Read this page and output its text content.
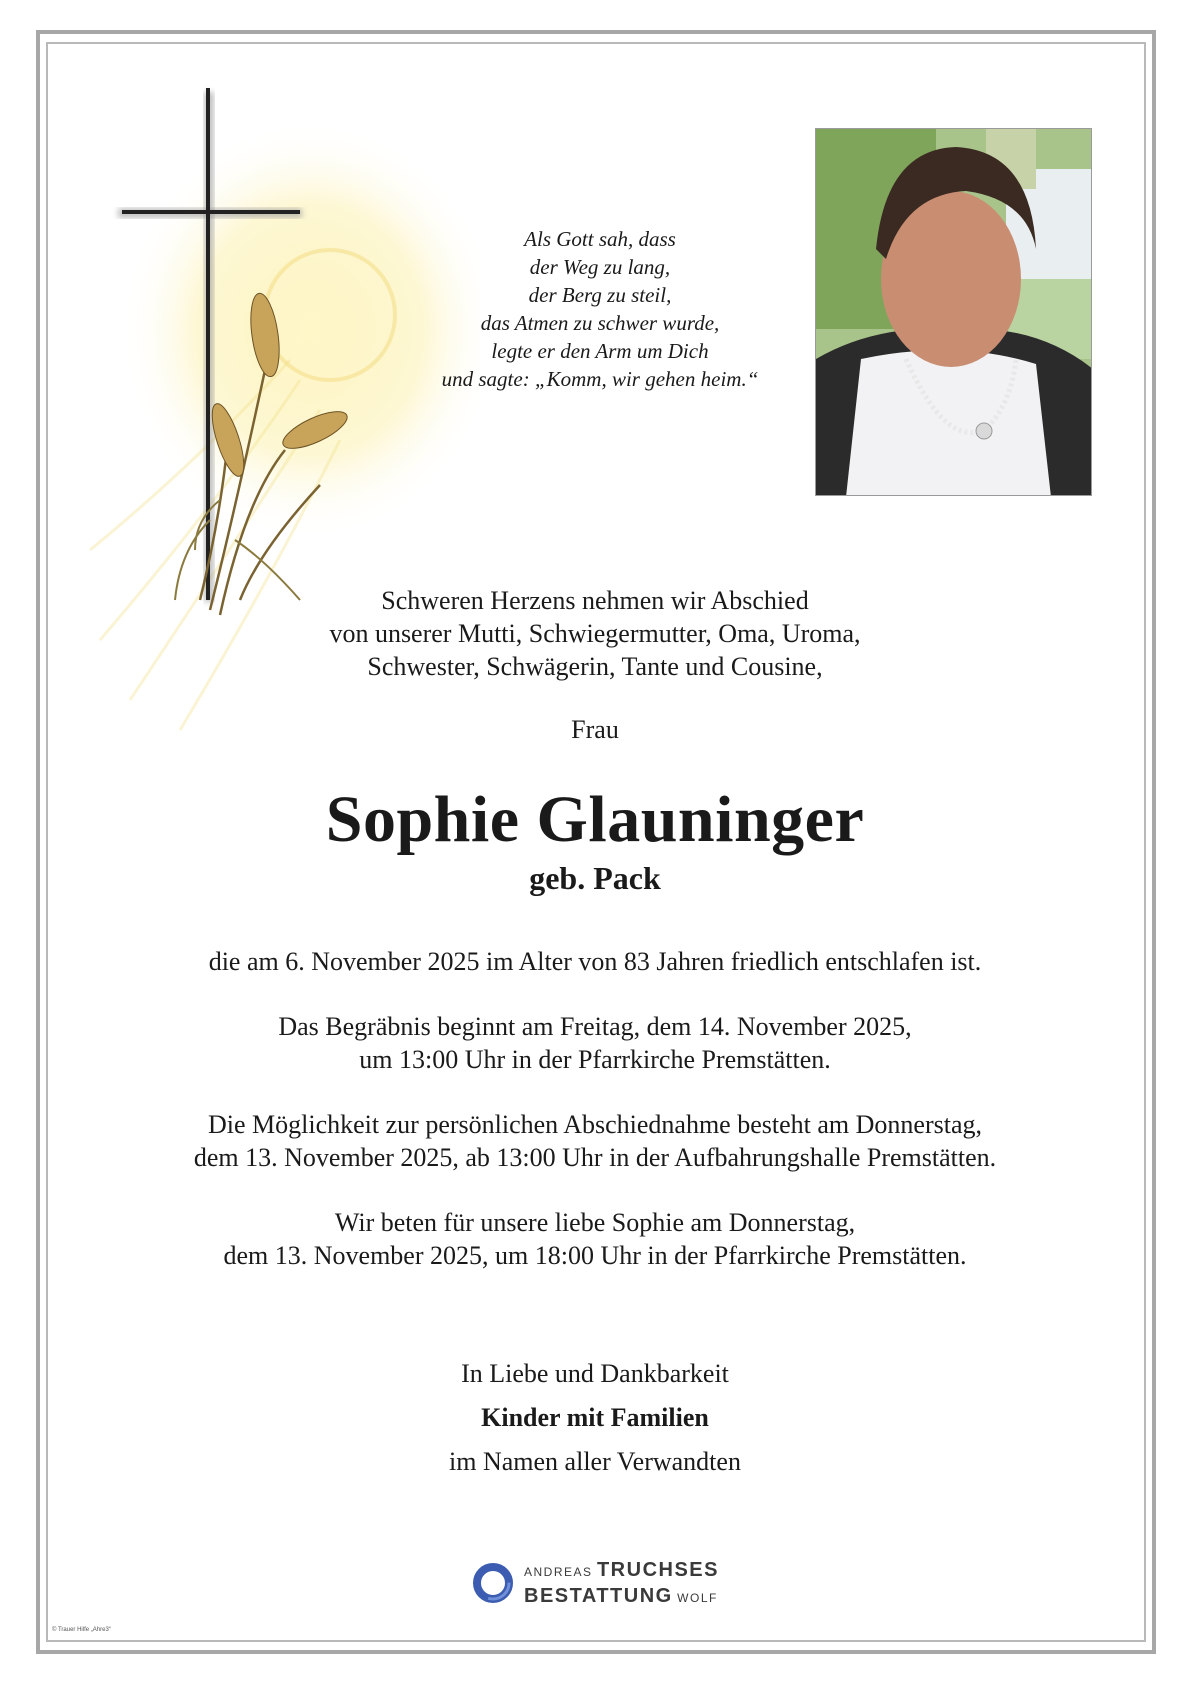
Als Gott sah, dass
der Weg zu lang,
der Berg zu steil,
das Atmen zu schwer wurde,
legte er den Arm um Dich
und sagte: „Komm, wir gehen heim.“
Schweren Herzens nehmen wir Abschied
von unserer Mutti, Schwiegermutter, Oma, Uroma,
Schwester, Schwägerin, Tante und Cousine,
Frau
Sophie Glauninger
geb. Pack
die am 6. November 2025 im Alter von 83 Jahren friedlich entschlafen ist.
Das Begräbnis beginnt am Freitag, dem 14. November 2025,
um 13:00 Uhr in der Pfarrkirche Premstätten.
Die Möglichkeit zur persönlichen Abschiednahme besteht am Donnerstag,
dem 13. November 2025, ab 13:00 Uhr in der Aufbahrungshalle Premstätten.
Wir beten für unsere liebe Sophie am Donnerstag,
dem 13. November 2025, um 18:00 Uhr in der Pfarrkirche Premstätten.
In Liebe und Dankbarkeit
Kinder mit Familien
im Namen aller Verwandten
ANDREAS TRUCHSES
BESTATTUNG WOLF
© Trauer Hilfe „Ahre3“
